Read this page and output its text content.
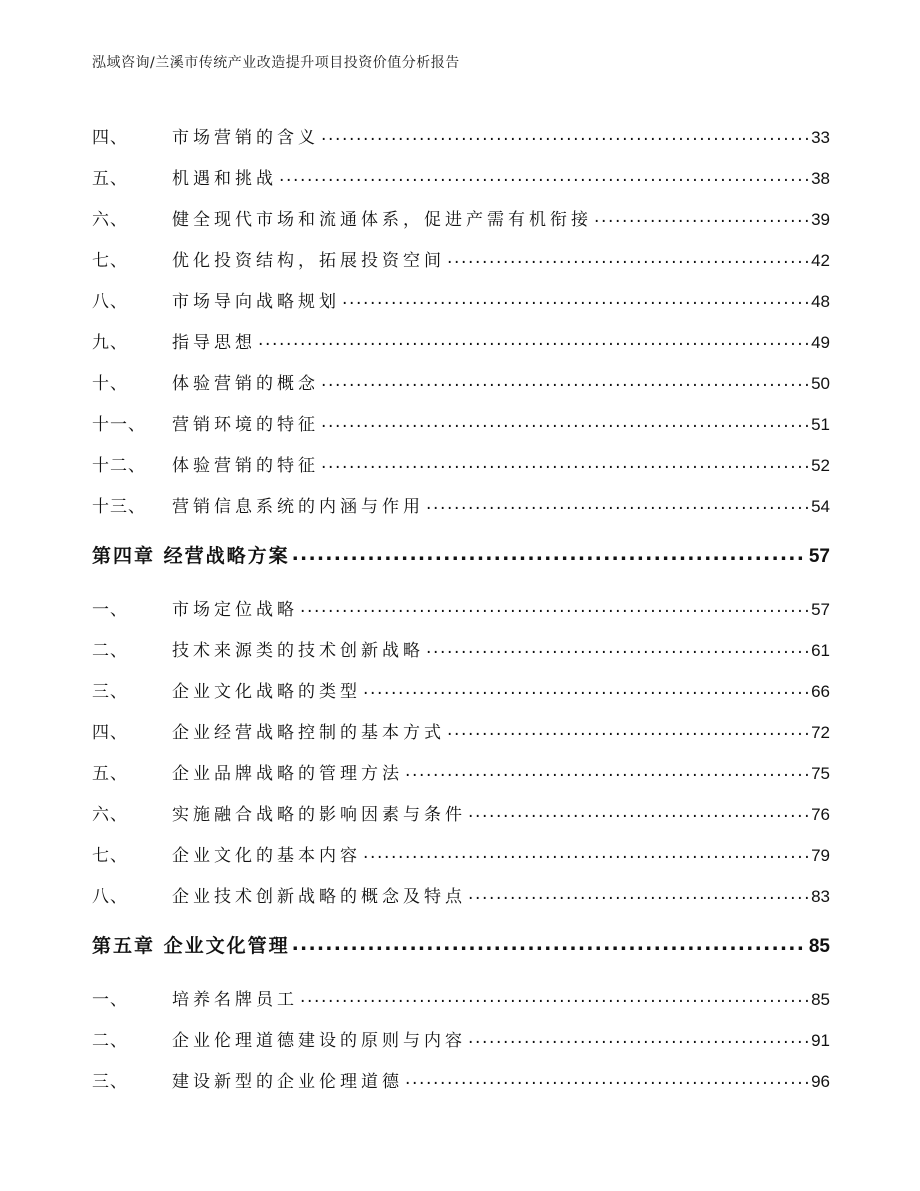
泓域咨询/兰溪市传统产业改造提升项目投资价值分析报告
四、	市场营销的含义 .....	33
五、	机遇和挑战 .....	38
六、	健全现代市场和流通体系，促进产需有机衔接 .....	39
七、	优化投资结构，拓展投资空间 .....	42
八、	市场导向战略规划 .....	48
九、	指导思想 .....	49
十、	体验营销的概念 .....	50
十一、	营销环境的特征 .....	51
十二、	体验营销的特征 .....	52
十三、	营销信息系统的内涵与作用 .....	54
第四章 经营战略方案 .....	57
一、	市场定位战略 .....	57
二、	技术来源类的技术创新战略 .....	61
三、	企业文化战略的类型 .....	66
四、	企业经营战略控制的基本方式 .....	72
五、	企业品牌战略的管理方法 .....	75
六、	实施融合战略的影响因素与条件 .....	76
七、	企业文化的基本内容 .....	79
八、	企业技术创新战略的概念及特点 .....	83
第五章 企业文化管理 .....	85
一、	培养名牌员工 .....	85
二、	企业伦理道德建设的原则与内容 .....	91
三、	建设新型的企业伦理道德 .....	96
